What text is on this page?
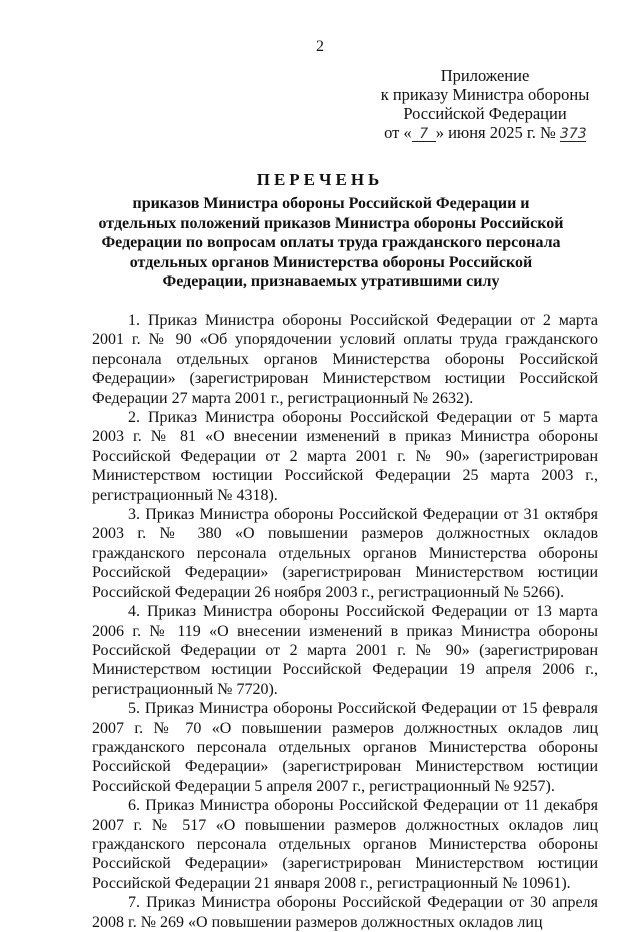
2
Приложение
к приказу Министра обороны
Российской Федерации
от « 7 » июня 2025 г. № 373
ПЕРЕЧЕНЬ
приказов Министра обороны Российской Федерации и отдельных положений приказов Министра обороны Российской Федерации по вопросам оплаты труда гражданского персонала отдельных органов Министерства обороны Российской Федерации, признаваемых утратившими силу

1. Приказ Министра обороны Российской Федерации от 2 марта 2001 г. № 90 «Об упорядочении условий оплаты труда гражданского персонала отдельных органов Министерства обороны Российской Федерации» (зарегистрирован Министерством юстиции Российской Федерации 27 марта 2001 г., регистрационный № 2632).

2. Приказ Министра обороны Российской Федерации от 5 марта 2003 г. № 81 «О внесении изменений в приказ Министра обороны Российской Федерации от 2 марта 2001 г. № 90» (зарегистрирован Министерством юстиции Российской Федерации 25 марта 2003 г., регистрационный № 4318).

3. Приказ Министра обороны Российской Федерации от 31 октября 2003 г. № 380 «О повышении размеров должностных окладов гражданского персонала отдельных органов Министерства обороны Российской Федерации» (зарегистрирован Министерством юстиции Российской Федерации 26 ноября 2003 г., регистрационный № 5266).

4. Приказ Министра обороны Российской Федерации от 13 марта 2006 г. № 119 «О внесении изменений в приказ Министра обороны Российской Федерации от 2 марта 2001 г. № 90» (зарегистрирован Министерством юстиции Российской Федерации 19 апреля 2006 г., регистрационный № 7720).

5. Приказ Министра обороны Российской Федерации от 15 февраля 2007 г. № 70 «О повышении размеров должностных окладов лиц гражданского персонала отдельных органов Министерства обороны Российской Федерации» (зарегистрирован Министерством юстиции Российской Федерации 5 апреля 2007 г., регистрационный № 9257).

6. Приказ Министра обороны Российской Федерации от 11 декабря 2007 г. № 517 «О повышении размеров должностных окладов лиц гражданского персонала отдельных органов Министерства обороны Российской Федерации» (зарегистрирован Министерством юстиции Российской Федерации 21 января 2008 г., регистрационный № 10961).

7. Приказ Министра обороны Российской Федерации от 30 апреля 2008 г. № 269 «О повышении размеров должностных окладов лиц
